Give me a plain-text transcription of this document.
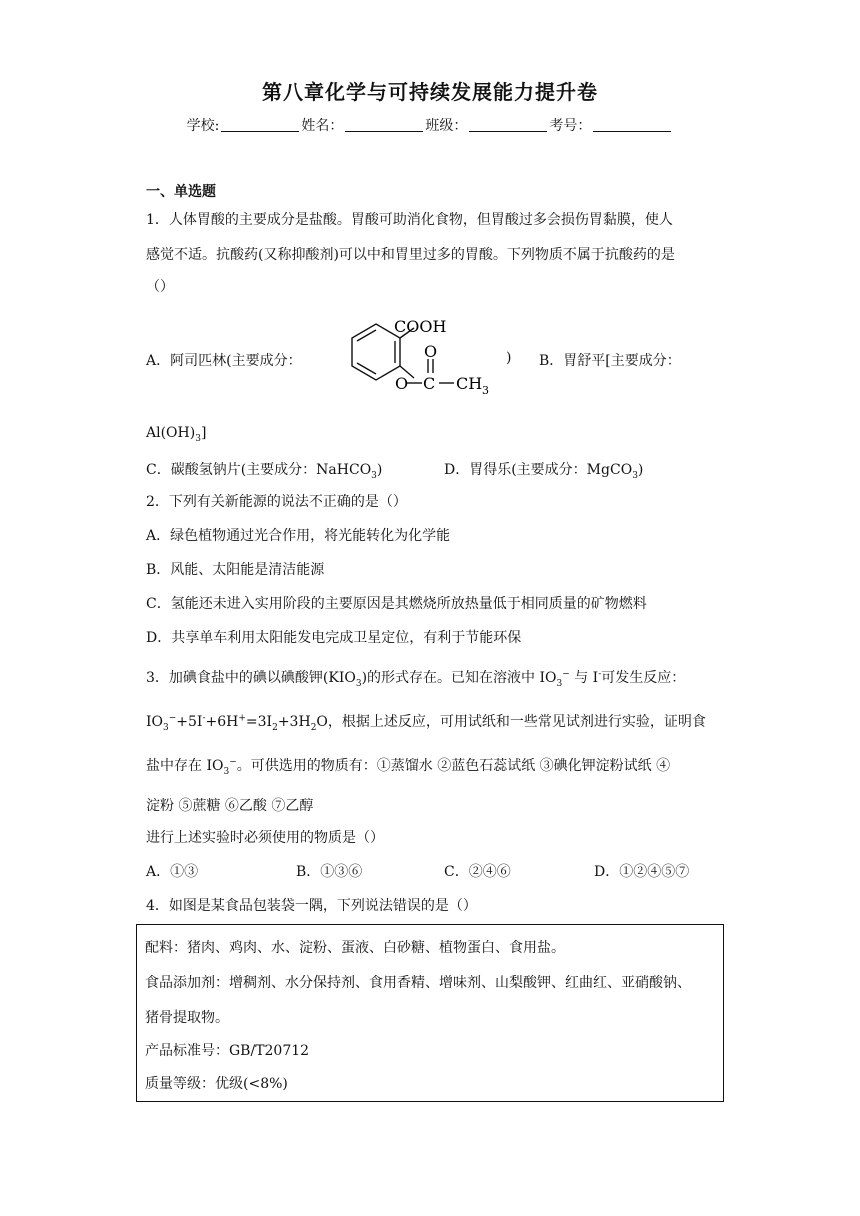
第八章化学与可持续发展能力提升卷
学校:	姓名：	班级：	考号：
一、单选题
1．人体胃酸的主要成分是盐酸。胃酸可助消化食物，但胃酸过多会损伤胃黏膜，使人
感觉不适。抗酸药(又称抑酸剂)可以中和胃里过多的胃酸。下列物质不属于抗酸药的是
（）
A．阿司匹林(主要成分：
COOH
O
O C CH 3
) B．胃舒平[主要成分：
$Al(OH)_3$]
C．碳酸氢钠片(主要成分：NaHCO$_3$)	D．胃得乐(主要成分：MgCO$_3$)
2．下列有关新能源的说法不正确的是（）
A．绿色植物通过光合作用，将光能转化为化学能
B．风能、太阳能是清洁能源
C．氢能还未进入实用阶段的主要原因是其燃烧所放热量低于相同质量的矿物燃料
D．共享单车利用太阳能发电完成卫星定位，有利于节能环保
3．加碘食盐中的碘以碘酸钾$(KIO_3)$的形式存在。已知在溶液中 $IO_3^-$ 与 I-可发生反应：
$IO_3^-+5I^-+6H^+=3I_2+3H_2O$，根据上述反应，可用试纸和一些常见试剂进行实验，证明食
盐中存在 $IO_3^-$。可供选用的物质有：①蒸馏水 ②蓝色石蕊试纸 ③碘化钾淀粉试纸 ④
淀粉 ⑤蔗糖 ⑥乙酸 ⑦乙醇
进行上述实验时必须使用的物质是（）
A．①③	B．①③⑥	C．②④⑥	D．①②④⑤⑦
4．如图是某食品包装袋一隅，下列说法错误的是（）
配料：猪肉、鸡肉、水、淀粉、蛋液、白砂糖、植物蛋白、食用盐。
食品添加剂：增稠剂、水分保持剂、食用香精、增味剂、山梨酸钾、红曲红、亚硝酸钠、
猪骨提取物。
产品标准号：GB/T20712
质量等级：优级(<8%)
